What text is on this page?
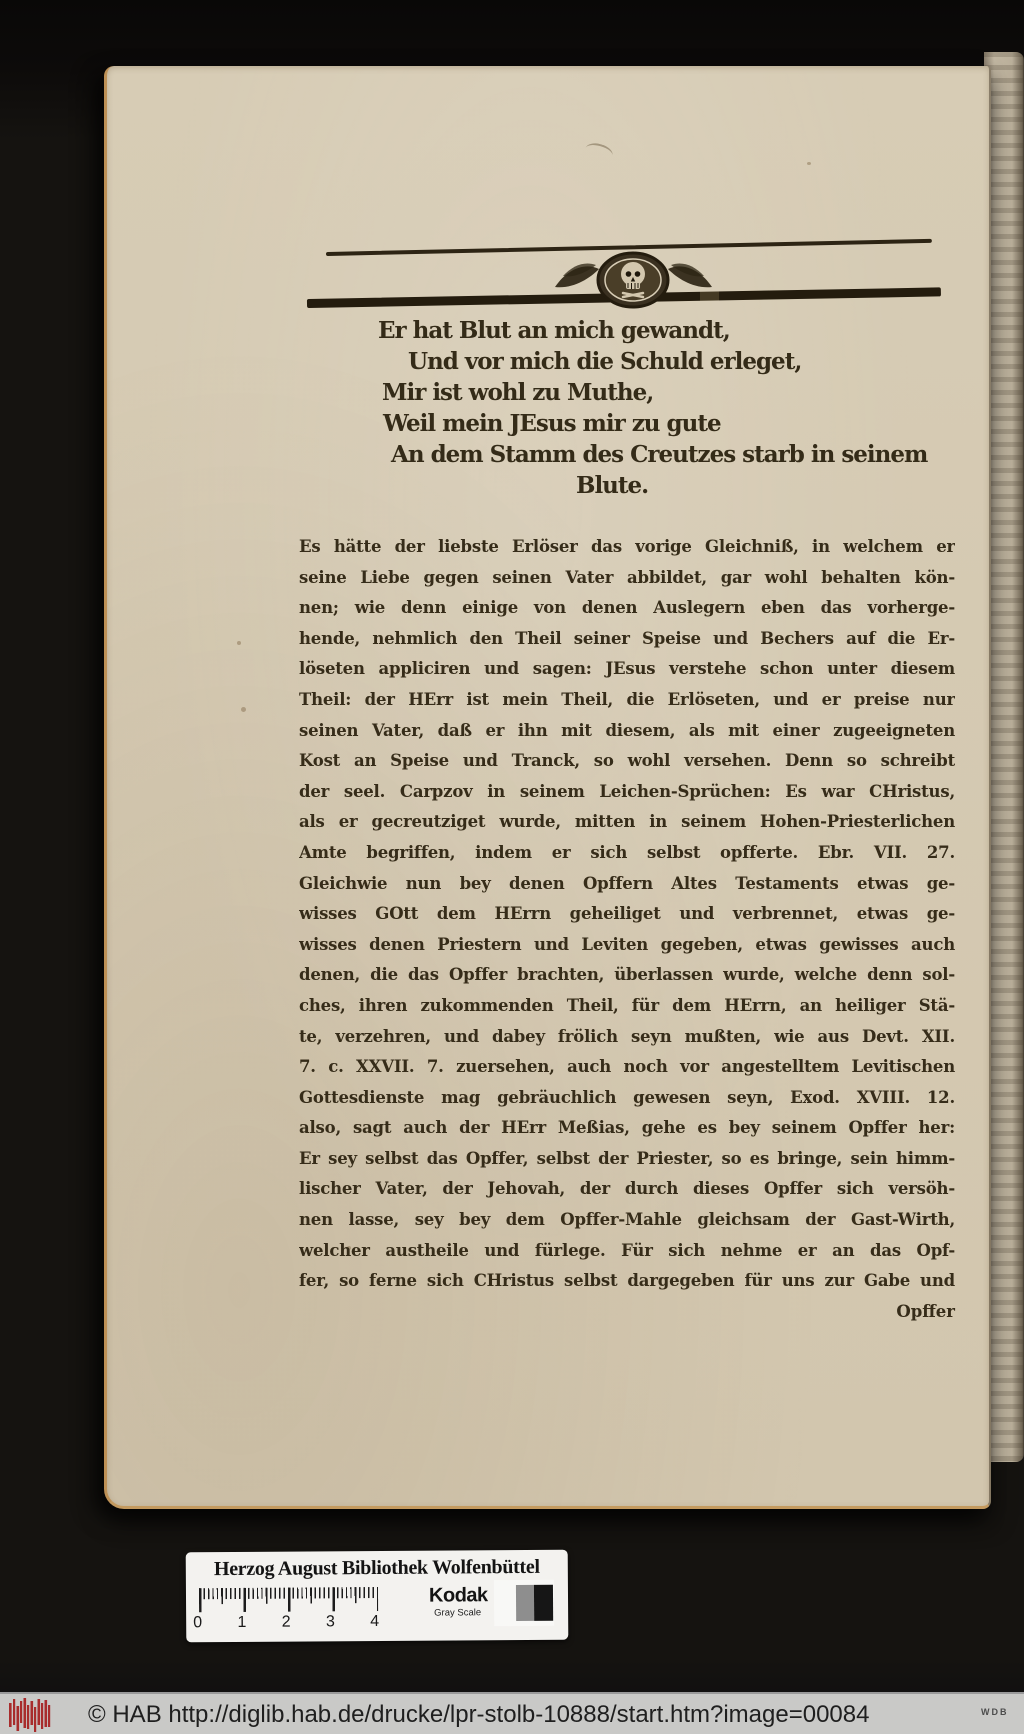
Er hat Blut an mich gewandt,
Und vor mich die Schuld erleget,
Mir ist wohl zu Muthe,
Weil mein JEsus mir zu gute
An dem Stamm des Creutzes starb in seinem
Blute.
Es hätte der liebste Erlöser das vorige Gleichniß, in welchem er
seine Liebe gegen seinen Vater abbildet, gar wohl behalten kön-
nen; wie denn einige von denen Auslegern eben das vorherge-
hende, nehmlich den Theil seiner Speise und Bechers auf die Er-
löseten appliciren und sagen: JEsus verstehe schon unter diesem
Theil: der HErr ist mein Theil, die Erlöseten, und er preise nur
seinen Vater, daß er ihn mit diesem, als mit einer zugeeigneten
Kost an Speise und Tranck, so wohl versehen. Denn so schreibt
der seel. Carpzov in seinem Leichen-Sprüchen: Es war CHristus,
als er gecreutziget wurde, mitten in seinem Hohen-Priesterlichen
Amte begriffen, indem er sich selbst opfferte. Ebr. VII. 27.
Gleichwie nun bey denen Opffern Altes Testaments etwas ge-
wisses GOtt dem HErrn geheiliget und verbrennet, etwas ge-
wisses denen Priestern und Leviten gegeben, etwas gewisses auch
denen, die das Opffer brachten, überlassen wurde, welche denn sol-
ches, ihren zukommenden Theil, für dem HErrn, an heiliger Stä-
te, verzehren, und dabey frölich seyn mußten, wie aus Devt. XII.
7. c. XXVII. 7. zuersehen, auch noch vor angestelltem Levitischen
Gottesdienste mag gebräuchlich gewesen seyn, Exod. XVIII. 12.
also, sagt auch der HErr Meßias, gehe es bey seinem Opffer her:
Er sey selbst das Opffer, selbst der Priester, so es bringe, sein himm-
lischer Vater, der Jehovah, der durch dieses Opffer sich versöh-
nen lasse, sey bey dem Opffer-Mahle gleichsam der Gast-Wirth,
welcher austheile und fürlege. Für sich nehme er an das Opf-
fer, so ferne sich CHristus selbst dargegeben für uns zur Gabe und
Opffer
Herzog August Bibliothek Wolfenbüttel
0 1 2 3 4
Kodak
Gray Scale
© HAB http://diglib.hab.de/drucke/lpr-stolb-10888/start.htm?image=00084	WDB
